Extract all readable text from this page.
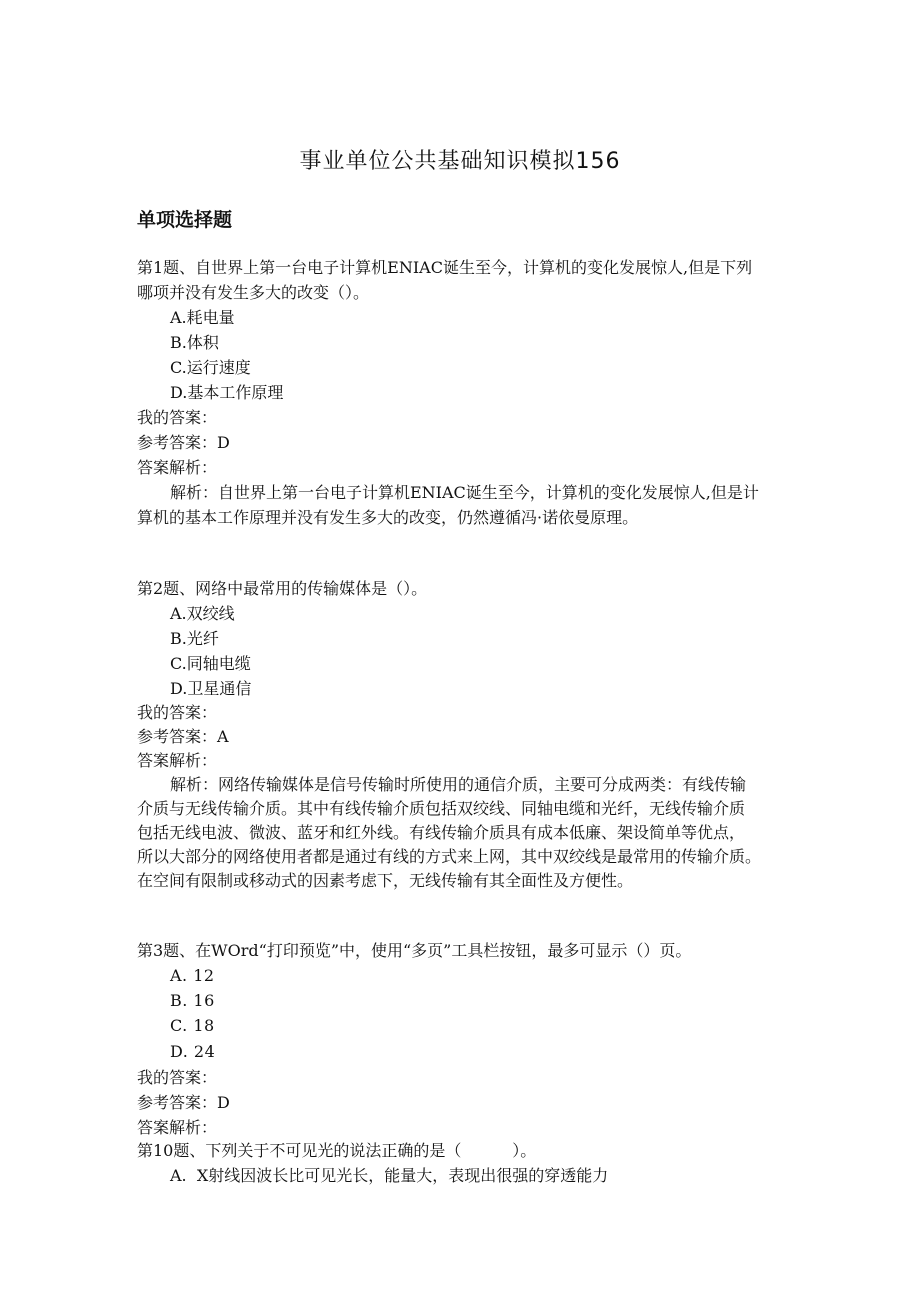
事业单位公共基础知识模拟156
单项选择题
第1题、自世界上第一台电子计算机ENIAC诞生至今，计算机的变化发展惊人,但是下列
哪项并没有发生多大的改变（）。
A.耗电量
B.体积
C.运行速度
D.基本工作原理
我的答案：
参考答案：D
答案解析：
解析：自世界上第一台电子计算机ENIAC诞生至今，计算机的变化发展惊人,但是计
算机的基本工作原理并没有发生多大的改变，仍然遵循冯·诺依曼原理。
第2题、网络中最常用的传输媒体是（）。
A.双绞线
B.光纤
C.同轴电缆
D.卫星通信
我的答案：
参考答案：A
答案解析：
解析：网络传输媒体是信号传输时所使用的通信介质，主要可分成两类：有线传输
介质与无线传输介质。其中有线传输介质包括双绞线、同轴电缆和光纤，无线传输介质
包括无线电波、微波、蓝牙和红外线。有线传输介质具有成本低廉、架设简单等优点，
所以大部分的网络使用者都是通过有线的方式来上网，其中双绞线是最常用的传输介质。
在空间有限制或移动式的因素考虑下，无线传输有其全面性及方便性。
第3题、在WOrd“打印预览”中，使用“多页”工具栏按钮，最多可显示（）页。
A. 12
B. 16
C. 18
D. 24
我的答案：
参考答案：D
答案解析：
第10题、下列关于不可见光的说法正确的是（          ）。
A.  X射线因波长比可见光长，能量大，表现出很强的穿透能力
